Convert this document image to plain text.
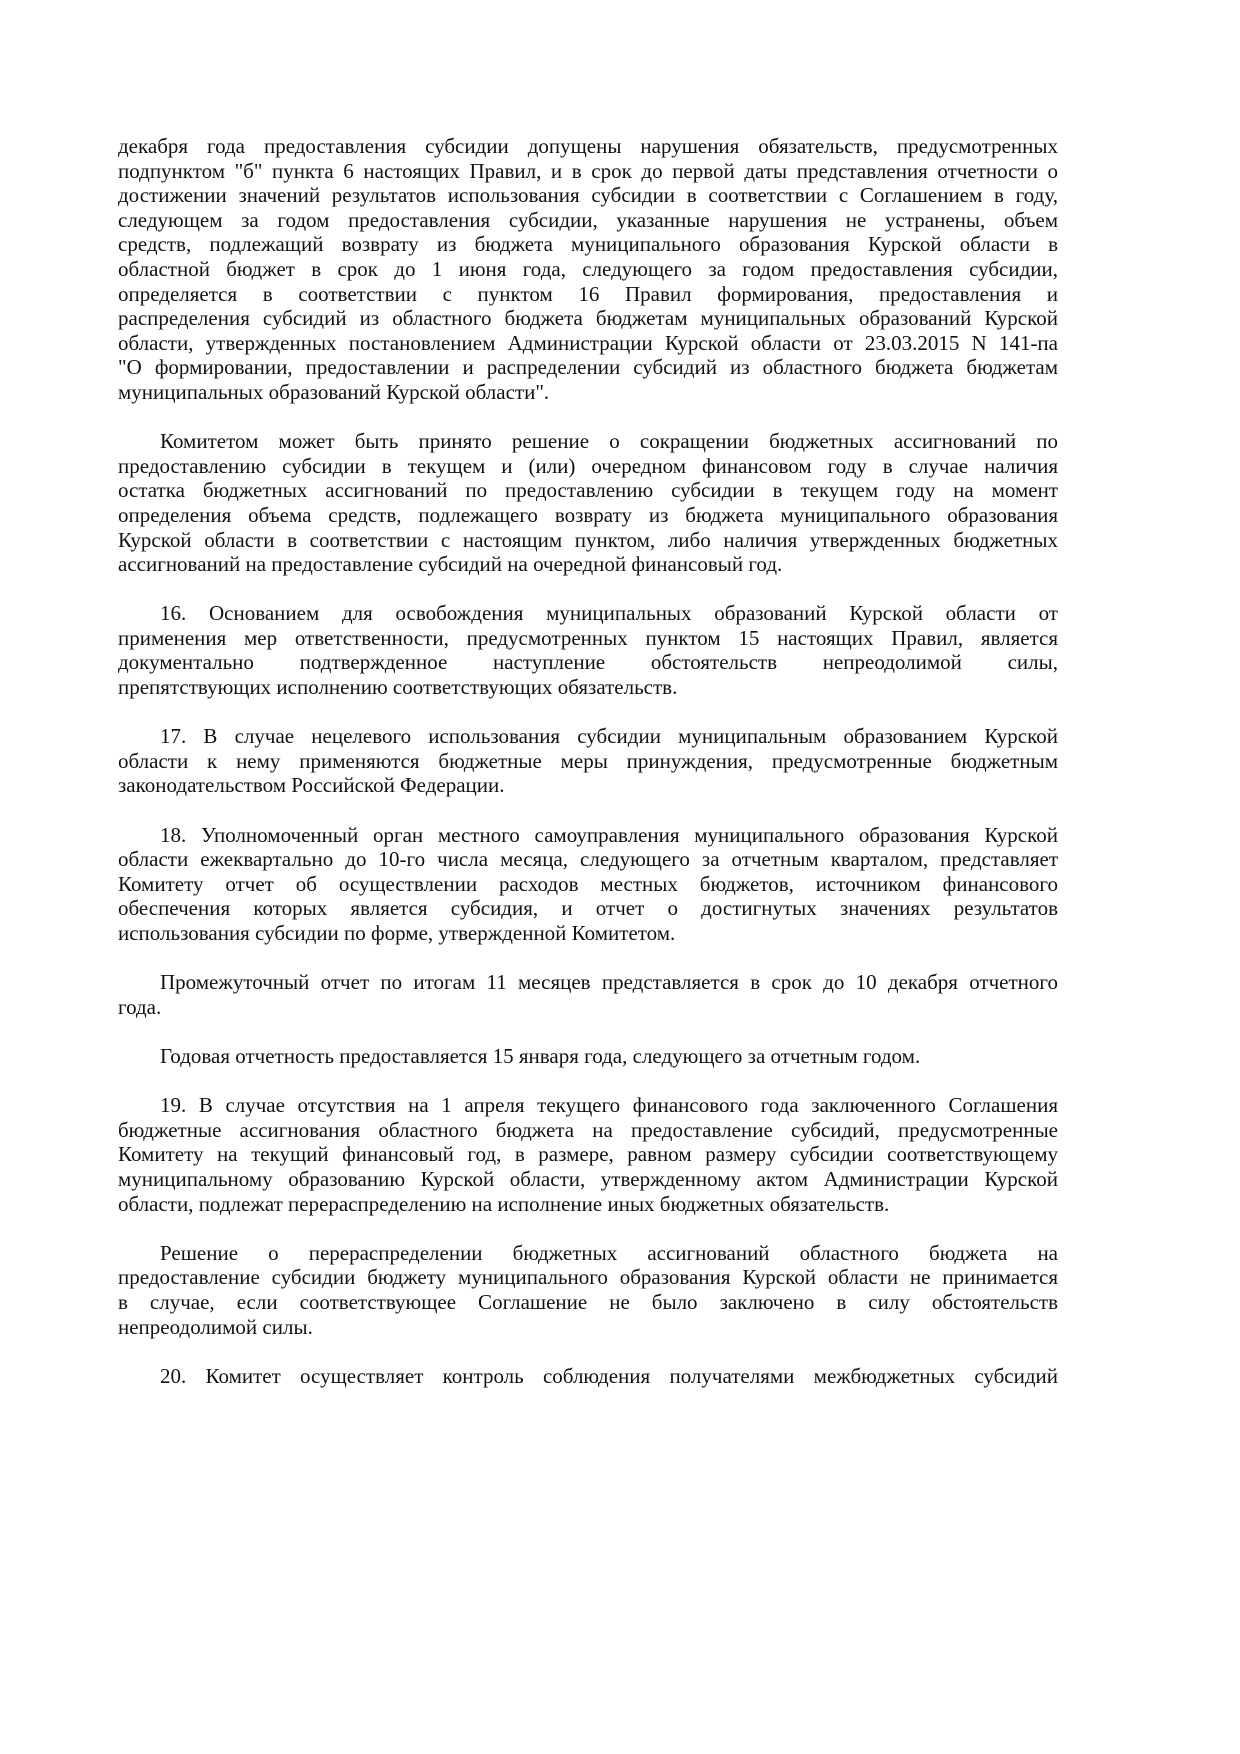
декабря года предоставления субсидии допущены нарушения обязательств, предусмотренных
подпунктом "б" пункта 6 настоящих Правил, и в срок до первой даты представления отчетности о
достижении значений результатов использования субсидии в соответствии с Соглашением в году,
следующем за годом предоставления субсидии, указанные нарушения не устранены, объем
средств, подлежащий возврату из бюджета муниципального образования Курской области в
областной бюджет в срок до 1 июня года, следующего за годом предоставления субсидии,
определяется в соответствии с пунктом 16 Правил формирования, предоставления и
распределения субсидий из областного бюджета бюджетам муниципальных образований Курской
области, утвержденных постановлением Администрации Курской области от 23.03.2015 N 141-па
"О формировании, предоставлении и распределении субсидий из областного бюджета бюджетам
муниципальных образований Курской области".
Комитетом может быть принято решение о сокращении бюджетных ассигнований по
предоставлению субсидии в текущем и (или) очередном финансовом году в случае наличия
остатка бюджетных ассигнований по предоставлению субсидии в текущем году на момент
определения объема средств, подлежащего возврату из бюджета муниципального образования
Курской области в соответствии с настоящим пунктом, либо наличия утвержденных бюджетных
ассигнований на предоставление субсидий на очередной финансовый год.
16. Основанием для освобождения муниципальных образований Курской области от
применения мер ответственности, предусмотренных пунктом 15 настоящих Правил, является
документально подтвержденное наступление обстоятельств непреодолимой силы,
препятствующих исполнению соответствующих обязательств.
17. В случае нецелевого использования субсидии муниципальным образованием Курской
области к нему применяются бюджетные меры принуждения, предусмотренные бюджетным
законодательством Российской Федерации.
18. Уполномоченный орган местного самоуправления муниципального образования Курской
области ежеквартально до 10-го числа месяца, следующего за отчетным кварталом, представляет
Комитету отчет об осуществлении расходов местных бюджетов, источником финансового
обеспечения которых является субсидия, и отчет о достигнутых значениях результатов
использования субсидии по форме, утвержденной Комитетом.
Промежуточный отчет по итогам 11 месяцев представляется в срок до 10 декабря отчетного
года.
Годовая отчетность предоставляется 15 января года, следующего за отчетным годом.
19. В случае отсутствия на 1 апреля текущего финансового года заключенного Соглашения
бюджетные ассигнования областного бюджета на предоставление субсидий, предусмотренные
Комитету на текущий финансовый год, в размере, равном размеру субсидии соответствующему
муниципальному образованию Курской области, утвержденному актом Администрации Курской
области, подлежат перераспределению на исполнение иных бюджетных обязательств.
Решение о перераспределении бюджетных ассигнований областного бюджета на
предоставление субсидии бюджету муниципального образования Курской области не принимается
в случае, если соответствующее Соглашение не было заключено в силу обстоятельств
непреодолимой силы.
20. Комитет осуществляет контроль соблюдения получателями межбюджетных субсидий
